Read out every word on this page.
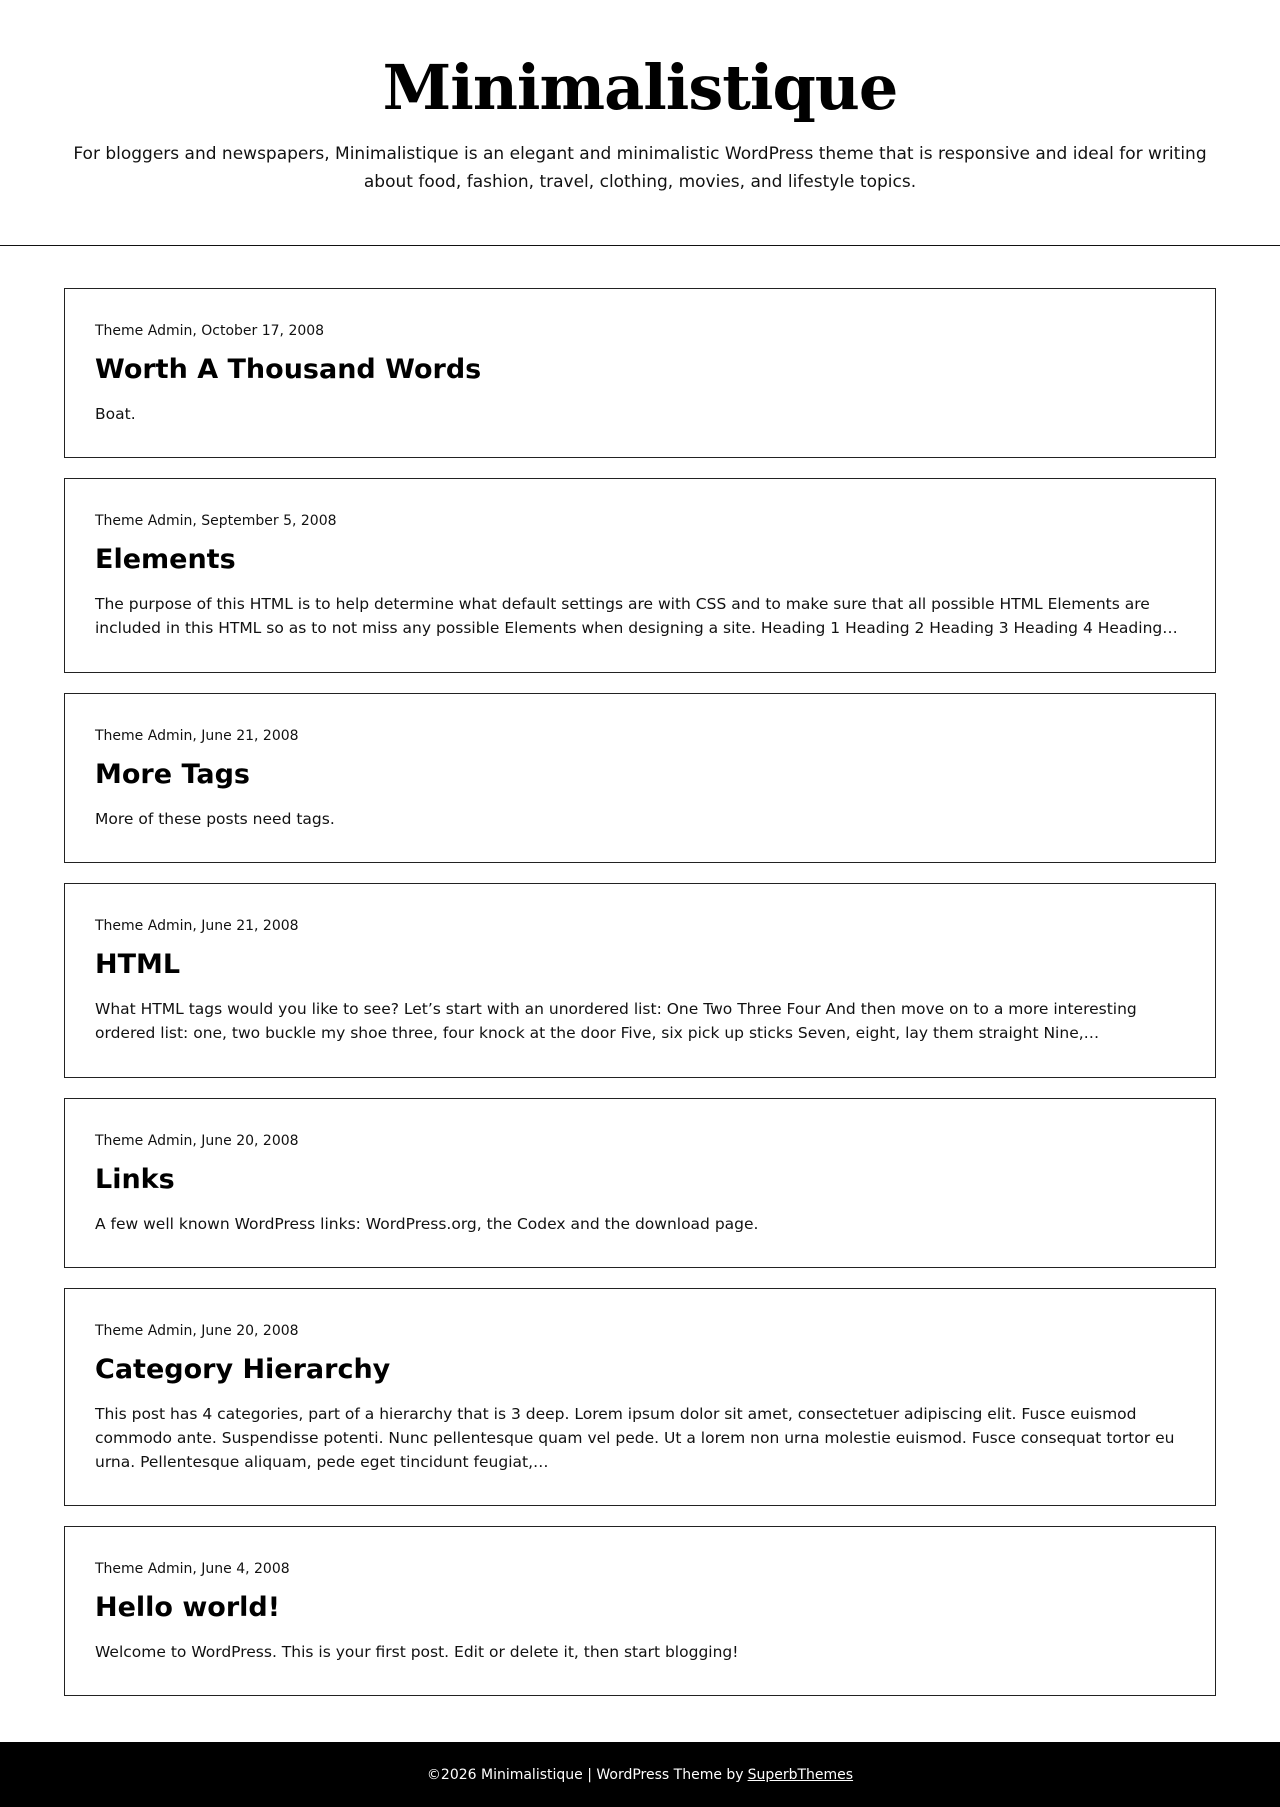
Minimalistique

For bloggers and newspapers, Minimalistique is an elegant and minimalistic WordPress theme that is responsive and ideal for writing about food, fashion, travel, clothing, movies, and lifestyle topics.

Theme Admin, October 17, 2008
Worth A Thousand Words

Boat.

Theme Admin, September 5, 2008
Elements

The purpose of this HTML is to help determine what default settings are with CSS and to make sure that all possible HTML Elements are included in this HTML so as to not miss any possible Elements when designing a site. Heading 1 Heading 2 Heading 3 Heading 4 Heading…

Theme Admin, June 21, 2008
More Tags

More of these posts need tags.

Theme Admin, June 21, 2008
HTML

What HTML tags would you like to see? Let’s start with an unordered list: One Two Three Four And then move on to a more interesting ordered list: one, two buckle my shoe three, four knock at the door Five, six pick up sticks Seven, eight, lay them straight Nine,…

Theme Admin, June 20, 2008
Links

A few well known WordPress links: WordPress.org, the Codex and the download page.

Theme Admin, June 20, 2008
Category Hierarchy

This post has 4 categories, part of a hierarchy that is 3 deep. Lorem ipsum dolor sit amet, consectetuer adipiscing elit. Fusce euismod commodo ante. Suspendisse potenti. Nunc pellentesque quam vel pede. Ut a lorem non urna molestie euismod. Fusce consequat tortor eu urna. Pellentesque aliquam, pede eget tincidunt feugiat,…

Theme Admin, June 4, 2008
Hello world!

Welcome to WordPress. This is your first post. Edit or delete it, then start blogging!

©2026 Minimalistique | WordPress Theme by SuperbThemes
